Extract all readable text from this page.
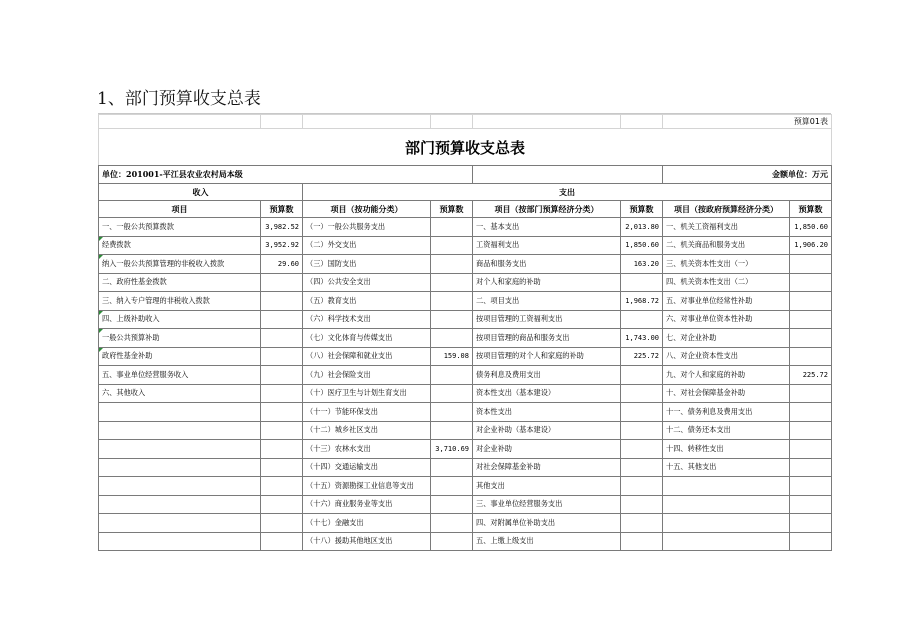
1、部门预算收支总表
						预算01表	
部门预算收支总表							
单位：201001-平江县农业农村局本级						金额单位：万元	
收入		支出					
项目	预算数	项目（按功能分类）	预算数	项目（按部门预算经济分类）	预算数	项目（按政府预算经济分类）	预算数
一、一般公共预算拨款	3,982.52	（一）一般公共服务支出		一、基本支出	2,013.80	一、机关工资福利支出	1,850.60
经费拨款	3,952.92	（二）外交支出		工资福利支出	1,850.60	二、机关商品和服务支出	1,906.20
纳入一般公共预算管理的非税收入拨款	29.60	（三）国防支出		商品和服务支出	163.20	三、机关资本性支出（一）	
二、政府性基金拨款		（四）公共安全支出		对个人和家庭的补助		四、机关资本性支出（二）	
三、纳入专户管理的非税收入拨款		（五）教育支出		二、项目支出	1,968.72	五、对事业单位经常性补助	
四、上级补助收入		（六）科学技术支出		按项目管理的工资福利支出		六、对事业单位资本性补助	
一般公共预算补助		（七）文化体育与传媒支出		按项目管理的商品和服务支出	1,743.00	七、对企业补助	
政府性基金补助		（八）社会保障和就业支出	159.08	按项目管理的对个人和家庭的补助	225.72	八、对企业资本性支出	
五、事业单位经营服务收入		（九）社会保险支出		债务利息及费用支出		九、对个人和家庭的补助	225.72
六、其他收入		（十）医疗卫生与计划生育支出		资本性支出（基本建设）		十、对社会保障基金补助	
		（十一）节能环保支出		资本性支出		十一、债务利息及费用支出	
		（十二）城乡社区支出		对企业补助（基本建设）		十二、债务还本支出	
		（十三）农林水支出	3,710.69	对企业补助		十四、转移性支出	
		（十四）交通运输支出		对社会保障基金补助		十五、其他支出	
		（十五）资源勘探工业信息等支出		其他支出			
		（十六）商业服务业等支出		三、事业单位经营服务支出			
		（十七）金融支出		四、对附属单位补助支出			
		（十八）援助其他地区支出		五、上缴上级支出			
